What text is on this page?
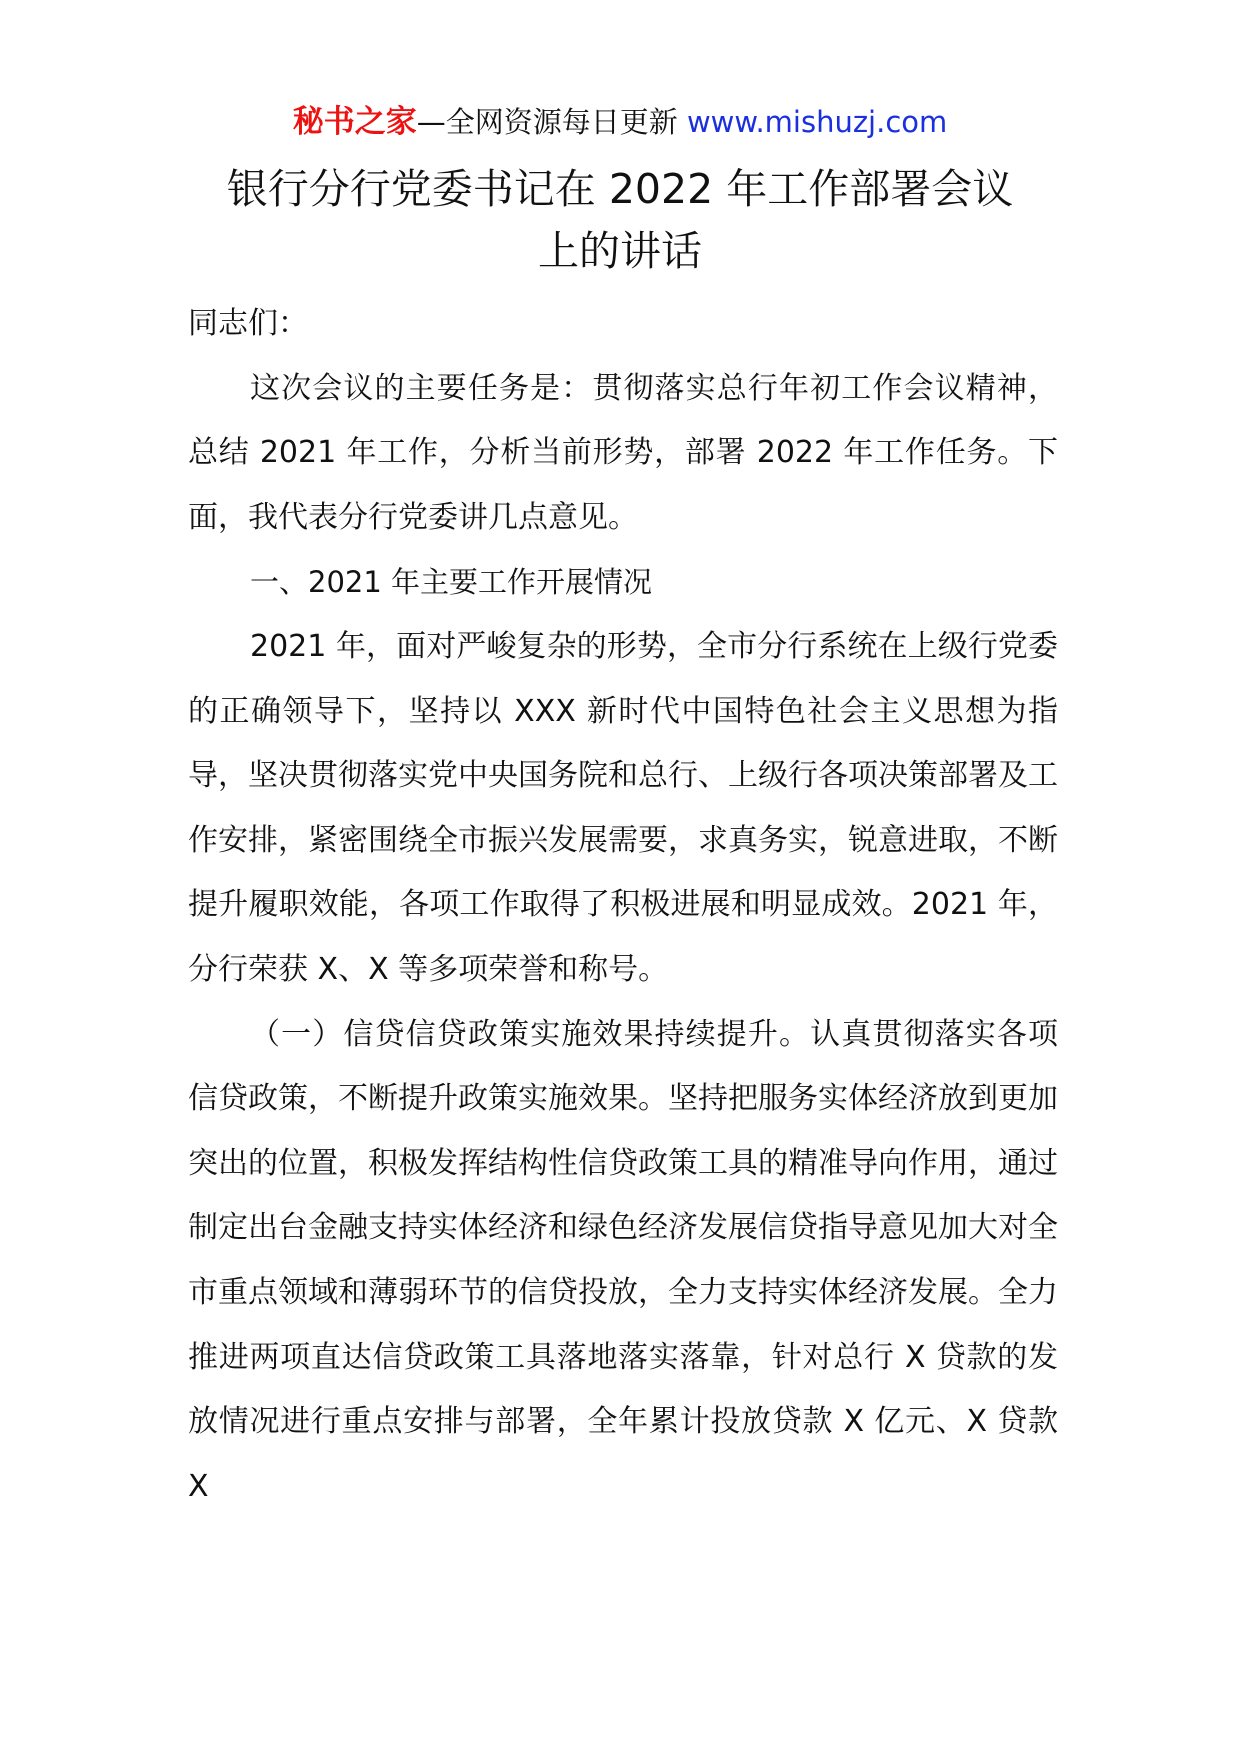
秘书之家—全网资源每日更新 www.mishuzj.com
银行分行党委书记在 2022 年工作部署会议
上的讲话

同志们：

这次会议的主要任务是：贯彻落实总行年初工作会议精神，总结 2021 年工作，分析当前形势，部署 2022 年工作任务。下面，我代表分行党委讲几点意见。

一、2021 年主要工作开展情况

2021 年，面对严峻复杂的形势，全市分行系统在上级行党委的正确领导下，坚持以 XXX 新时代中国特色社会主义思想为指导，坚决贯彻落实党中央国务院和总行、上级行各项决策部署及工作安排，紧密围绕全市振兴发展需要，求真务实，锐意进取，不断提升履职效能，各项工作取得了积极进展和明显成效。2021 年，分行荣获 X、X 等多项荣誉和称号。

（一）信贷信贷政策实施效果持续提升。认真贯彻落实各项信贷政策，不断提升政策实施效果。坚持把服务实体经济放到更加突出的位置，积极发挥结构性信贷政策工具的精准导向作用，通过制定出台金融支持实体经济和绿色经济发展信贷指导意见加大对全市重点领域和薄弱环节的信贷投放，全力支持实体经济发展。全力推进两项直达信贷政策工具落地落实落靠，针对总行 X 贷款的发放情况进行重点安排与部署，全年累计投放贷款 X 亿元、X 贷款 X
